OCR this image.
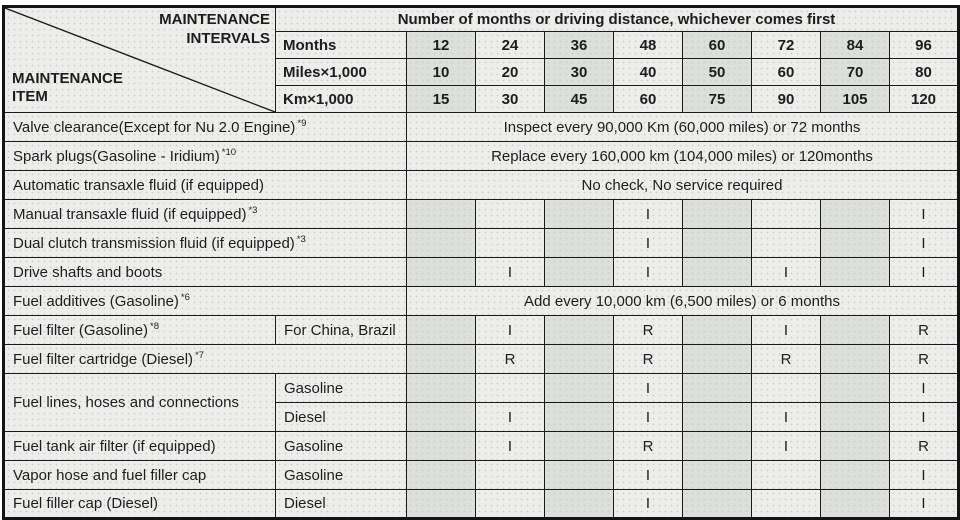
MAINTENANCE INTERVALS
MAINTENANCE ITEM	Number of months or driving distance, whichever comes first								
	Months	12	24	36	48	60	72	84	96
	Miles×1,000	10	20	30	40	50	60	70	80
	Km×1,000	15	30	45	60	75	90	105	120
Valve clearance(Except for Nu 2.0 Engine) $^{*9}$		Inspect every 90,000 Km (60,000 miles) or 72 months							
Spark plugs(Gasoline - Iridium) $^{*10}$		Replace every 160,000 km (104,000 miles) or 120months							
Automatic transaxle fluid (if equipped)		No check, No service required							
Manual transaxle fluid (if equipped) $^{*3}$					I				I
Dual clutch transmission fluid (if equipped) $^{*3}$					I				I
Drive shafts and boots			I		I		I		I
Fuel additives (Gasoline) $^{*6}$		Add every 10,000 km (6,500 miles) or 6 months							
Fuel filter (Gasoline) $^{*8}$	For China, Brazil		I		R		I		R
Fuel filter cartridge (Diesel) $^{*7}$			R		R		R		R
Fuel lines, hoses and connections	Gasoline				I				I
	Diesel		I		I		I		I
Fuel tank air filter (if equipped)	Gasoline		I		R		I		R
Vapor hose and fuel filler cap	Gasoline				I				I
Fuel filler cap (Diesel)	Diesel				I				I
